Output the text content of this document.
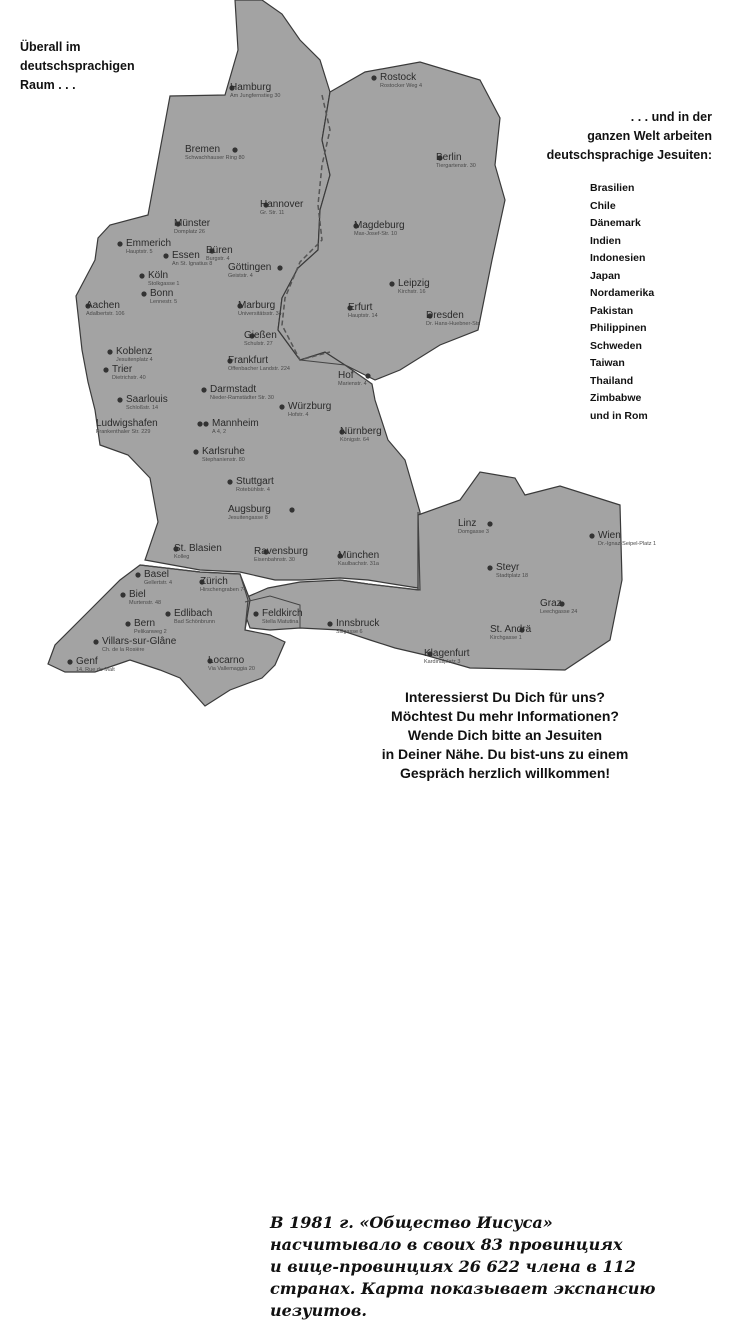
Rostock
Rostocker Weg 4
Hamburg
Am Jungfernstieg 30
Bremen
Schwachhauser Ring 80
Hannover
Gr. Str. 11
Berlin
Tiergartenstr. 30
Münster
Domplatz 26
Magdeburg
Max-Josef-Str. 10
Emmerich
Hauptstr. 5	Büren
Burgstr. 4
Essen
An St. Ignatius 8 Göttingen
Geiststr. 4
Leipzig
Kirchstr. 16
Köln
Stolkgasse 1
Bonn
Lennestr. 5
Aachen
Adalbertstr. 106
Marburg
Universitätsstr. 34
Erfurt
Hauptstr. 14	Dresden
Dr. Hans-Huebner-Str.
Gießen
Schulstr. 27
Koblenz
Jesuitenplatz 4	Frankfurt
Offenbacher Landstr. 224
Trier
Dietrichstr. 40	Hof
Marienstr. 4
Darmstadt
Nieder-Ramstädter Str. 30
Saarlouis
Schloßstr. 14	Würzburg
Hofstr. 4
Ludwigshafen
Frankenthaler Str. 229
Mannheim
A 4, 2	Nürnberg
Königstr. 64
Karlsruhe
Stephanienstr. 80
Stuttgart
Rotebühlstr. 4
Augsburg
Jesuitengasse 8	Linz
Domgasse 3	Wien
Dr.-Ignaz-Seipel-Platz 1
St. Blasien
Kolleg	Ravensburg
Eisenbahnstr. 30	München
Kaulbachstr. 31a	Steyr
Stadtplatz 18
Basel
Gellertstr. 4	Zürich
Hirschengraben 74
Biel
Murtenstr. 48
Feldkirch
Stella Matutina	Innsbruck
Sillgasse 6
Graz
Leechgasse 24
Edlibach
Bad Schönbrunn
Bern
Pelikanweg 2	St. Andrä
Kirchgasse 1
Villars-sur-Glâne
Ch. de la Rosière	Klagenfurt
Kardinalplatz 3
Locarno
Via Vallemaggia 20
Genf
14, Rue de Malt
Überall im
deutschsprachigen
Raum . . .
. . . und in der
ganzen Welt arbeiten
deutschsprachige Jesuiten:
Brasilien
Chile
Dänemark
Indien
Indonesien
Japan
Nordamerika
Pakistan
Philippinen
Schweden
Taiwan
Thailand
Zimbabwe
und in Rom
Interessierst Du Dich für uns?
Möchtest Du mehr Informationen?
Wende Dich bitte an Jesuiten
in Deiner Nähe. Du bist-uns zu einem
Gespräch herzlich willkommen!
В 1981 г. «Общество Иисуса»
насчитывало в своих 83 провинциях
и вице-провинциях 26 622 члена в 112
странах. Карта показывает экспансию
иезуитов.
